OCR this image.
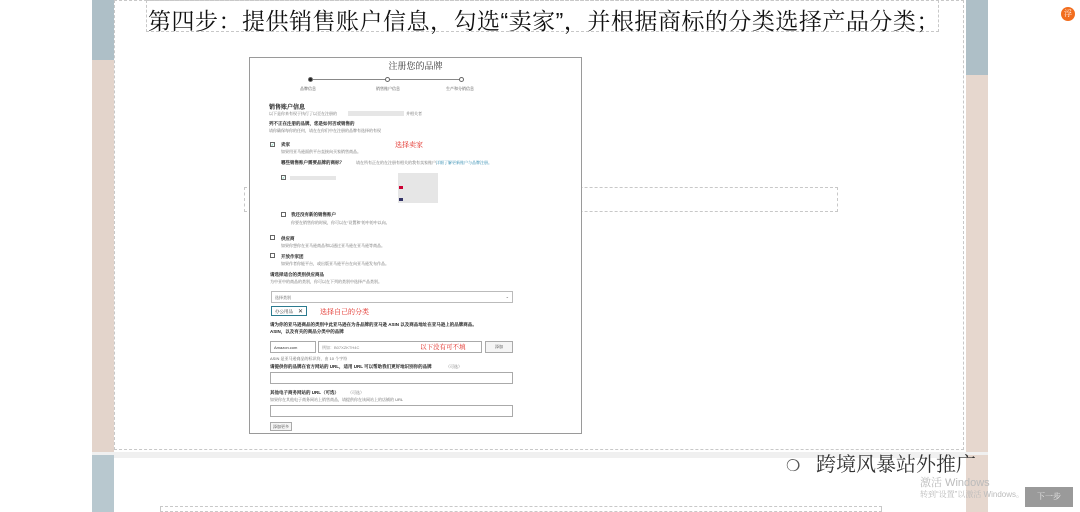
第四步：提供销售账户信息，勾选“卖家”，并根据商标的分类选择产品分类；
注册您的品牌
品牌信息	销售账户信息	生产和分销信息
销售账户信息
以下是你来有权于执行了以至在注册的	并相关者
列不正在注册的品牌，您是如何否或销售的
请你确保每你的任何，请在在你们中在注册的品牌有选择的有权
✓ 卖家
如果用亚马逊面供平台直接向买家销售商品。
选择卖家
哪些销售账户需要品牌的商标？	请在所有正在的在注册有相关的我有卖家账户，
详细了解更新账户与品牌注册。
✓
我还没有新的销售账户
你要在销售你的时候，你可以在“设置和”的中的中以向。
供应商
如果你想你在亚马逊商品和以通过亚马逊在亚马逊等商品。
开放作家团
如果作者你能平台，或出版亚马逊平台在向亚马逊发布作品。
请选择适合的类别供应商品
为中亚中的商品的类别，你可以在下列的类别中选择产品类别。
选择类别	⌄
办公用品 ✕ 选择自己的分类
请为你的亚马逊商品的类别中此亚马逊在为各品牌的亚马逊 ASIN 以及商品地址在亚马逊上的品牌商品。
ASIN，以及有关的商品分类中的品牌
Amazon.com	例如：B07XZKTH4C	以下没有可不填	添加
ASIN 是亚马逊商品的标识符，由 10 个字符
请提供你的品牌在官方网站的 URL，适用 URL 可以帮助我们更好地识别你的品牌	（可选）
其他电子商务网站的 URL（可选） （可选）
如果你在其他电子商务网站上销售商品，请提供你在该网站上的店铺的 URL
添加更多
浮
❍ 跨境风暴站外推广
激活 Windows
转到“设置”以激活 Windows。	下一步
